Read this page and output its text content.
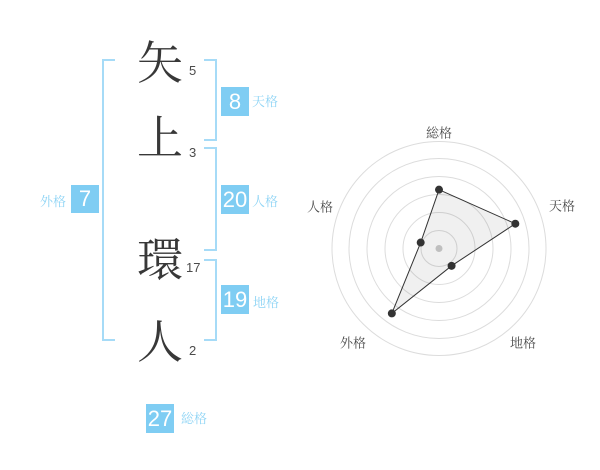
矢 5
上 3
環 17
人 2
8 天格
20 人格
19 地格
外格 7
27 総格
総格
天格
地格
外格
人格
